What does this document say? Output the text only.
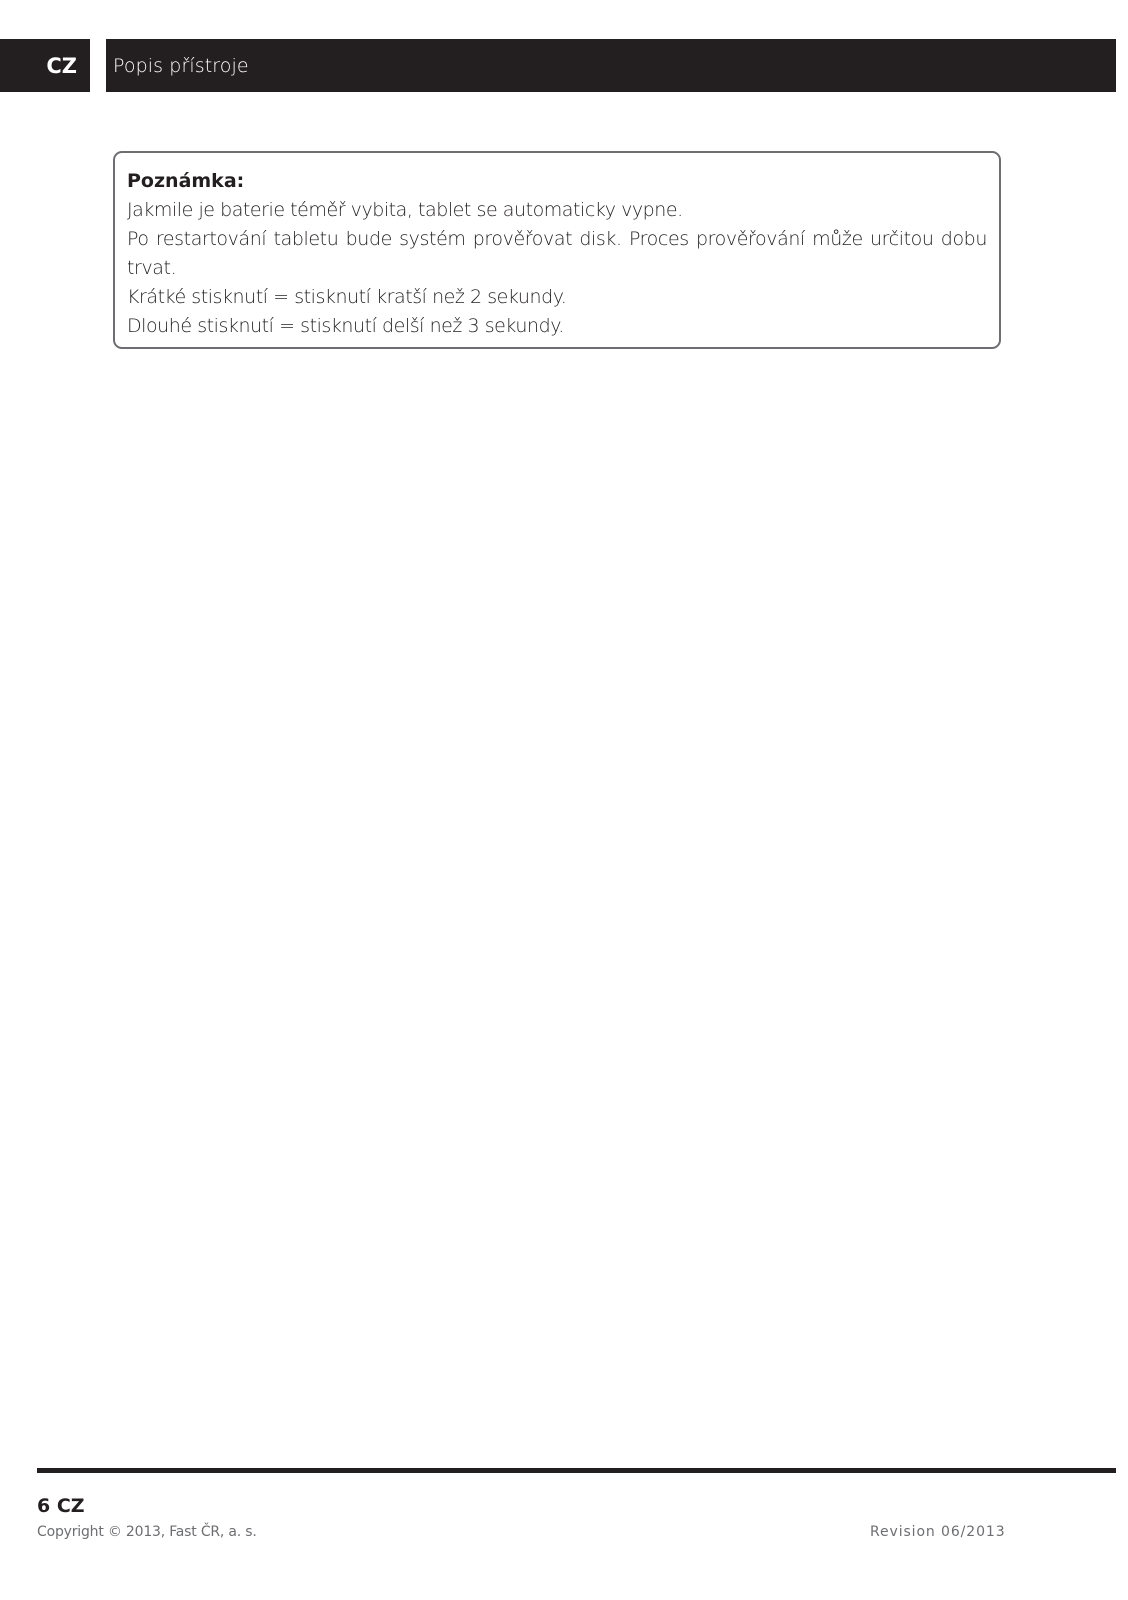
CZ Popis přístroje
Poznámka:
Jakmile je baterie téměř vybita, tablet se automaticky vypne.
Po restartování tabletu bude systém prověřovat disk. Proces prověřování může určitou dobu trvat.
Krátké stisknutí = stisknutí kratší než 2 sekundy.
Dlouhé stisknutí = stisknutí delší než 3 sekundy.
6 CZ
Copyright © 2013, Fast ČR, a. s.	Revision 06/2013
